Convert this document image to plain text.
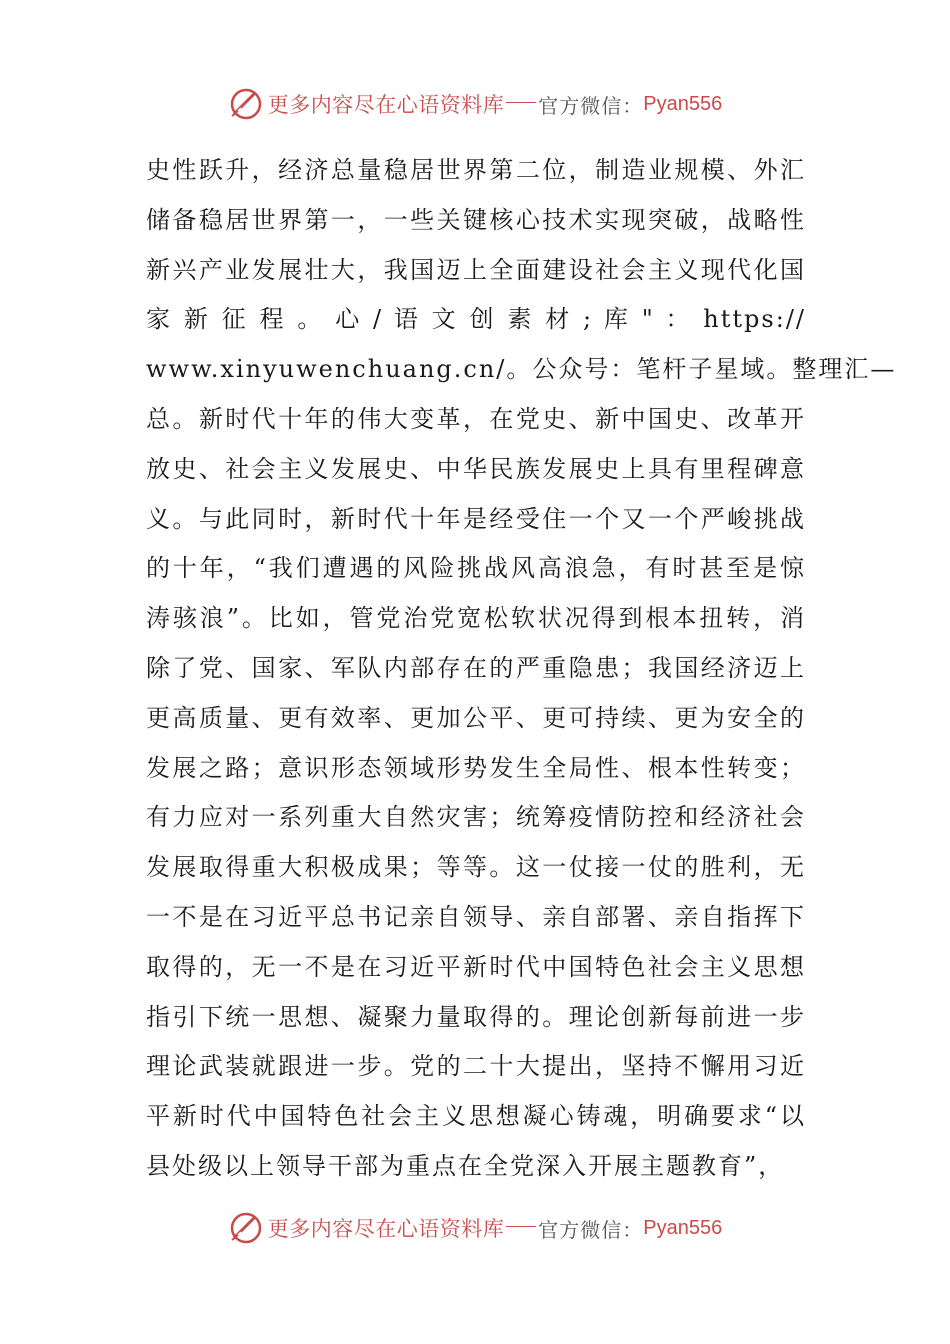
更多内容尽在心语资料库 官方微信： Pyan556
史性跃升，经济总量稳居世界第二位，制造业规模、外汇
储备稳居世界第一，一些关键核心技术实现突破，战略性
新兴产业发展壮大，我国迈上全面建设社会主义现代化国
家 新 征 程 。 心 / 语 文 创 素 材 ; 库 " ： https://
www.xinyuwenchuang.cn/。公众号：笔杆子星域。整理汇—
总。新时代十年的伟大变革，在党史、新中国史、改革开
放史、社会主义发展史、中华民族发展史上具有里程碑意
义。与此同时，新时代十年是经受住一个又一个严峻挑战
的十年，“我们遭遇的风险挑战风高浪急，有时甚至是惊
涛骇浪”。比如，管党治党宽松软状况得到根本扭转，消
除了党、国家、军队内部存在的严重隐患；我国经济迈上
更高质量、更有效率、更加公平、更可持续、更为安全的
发展之路；意识形态领域形势发生全局性、根本性转变；
有力应对一系列重大自然灾害；统筹疫情防控和经济社会
发展取得重大积极成果；等等。这一仗接一仗的胜利，无
一不是在习近平总书记亲自领导、亲自部署、亲自指挥下
取得的，无一不是在习近平新时代中国特色社会主义思想
指引下统一思想、凝聚力量取得的。理论创新每前进一步
理论武装就跟进一步。党的二十大提出，坚持不懈用习近
平新时代中国特色社会主义思想凝心铸魂，明确要求“以
县处级以上领导干部为重点在全党深入开展主题教育”，
更多内容尽在心语资料库 官方微信： Pyan556
